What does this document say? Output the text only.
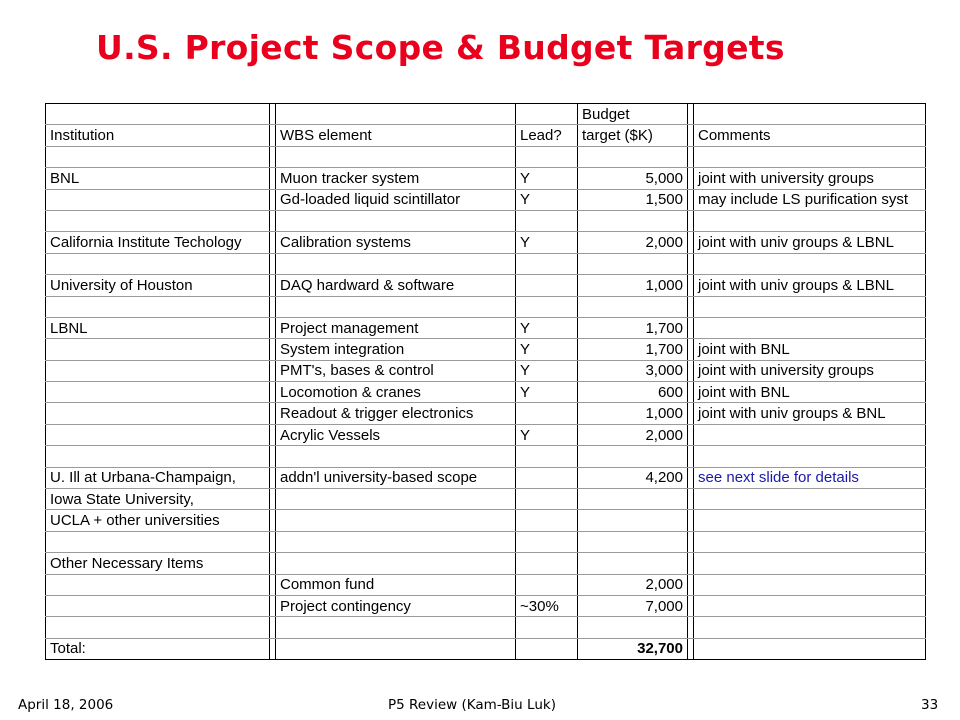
U.S. Project Scope & Budget Targets
				Budget		
Institution		WBS element	Lead?	target ($K)		Comments

BNL		Muon tracker system	Y	5,000		joint with university groups
		Gd-loaded liquid scintillator	Y	1,500		may include LS purification syst

California Institute Techology		Calibration systems	Y	2,000		joint with univ groups & LBNL

University of Houston		DAQ hardward & software		1,000		joint with univ groups & LBNL

LBNL		Project management	Y	1,700		
		System integration	Y	1,700		joint with BNL
		PMT's, bases & control	Y	3,000		joint with university groups
		Locomotion & cranes	Y	600		joint with BNL
		Readout & trigger electronics		1,000		joint with univ groups & BNL
		Acrylic Vessels	Y	2,000		

U. Ill at Urbana-Champaign,		addn'l university-based scope		4,200		see next slide for details
Iowa State University,						
UCLA + other universities						

Other Necessary Items						
		Common fund		2,000		
		Project contingency	~30%	7,000		

Total:				32,700		
April 18, 2006	P5 Review (Kam-Biu Luk)	33
